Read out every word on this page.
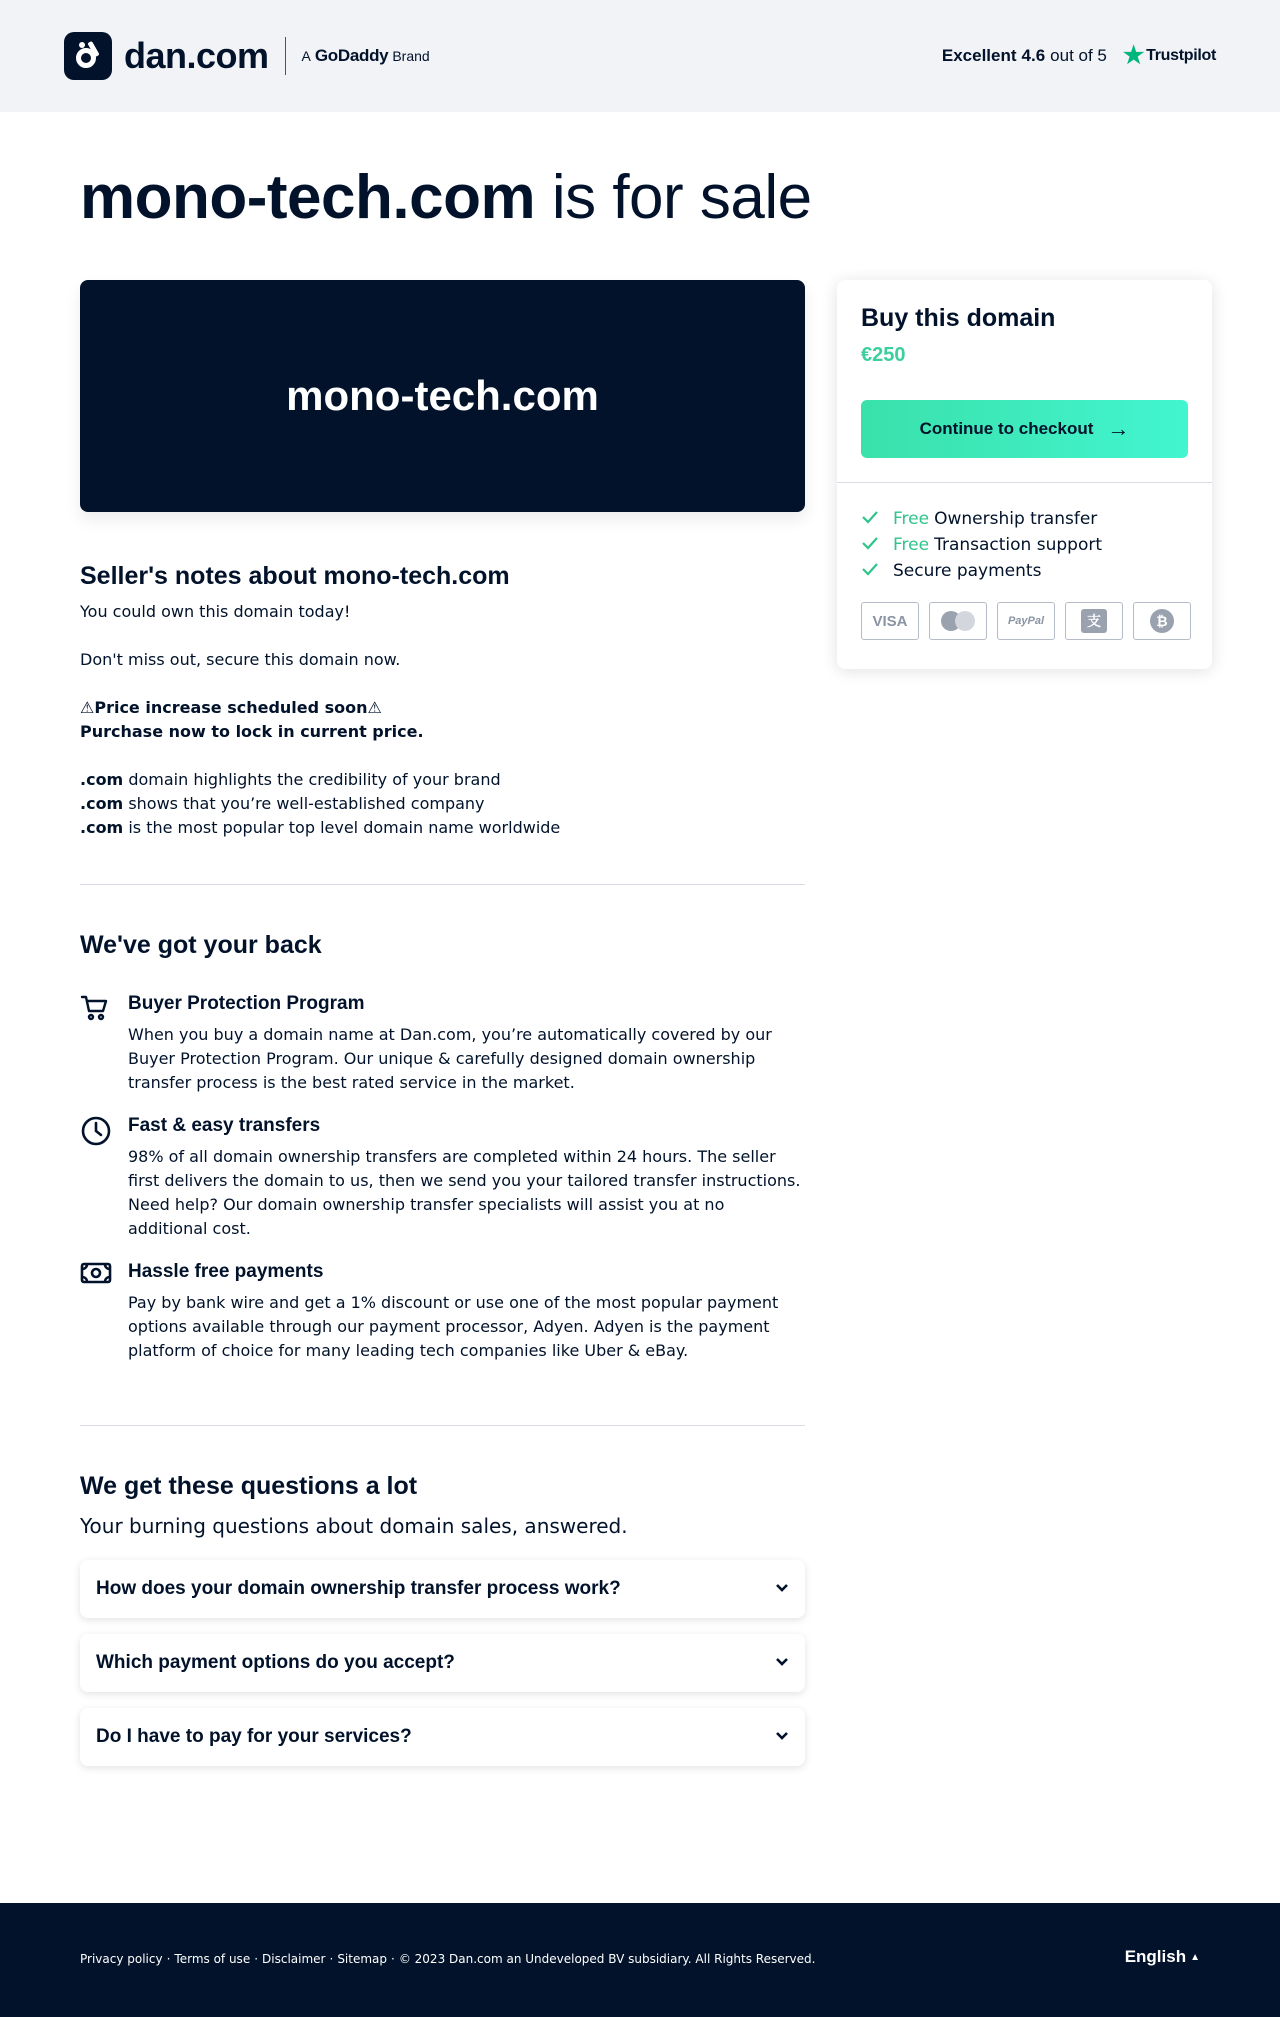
dan.com A GoDaddy Brand	Excellent 4.6 out of 5 ★ Trustpilot
mono-tech.com is for sale
mono-tech.com
Seller's notes about mono-tech.com

You could own this domain today!

Don't miss out, secure this domain now.

⚠Price increase scheduled soon⚠

Purchase now to lock in current price.

.com domain highlights the credibility of your brand

.com shows that you’re well-established company

.com is the most popular top level domain name worldwide

We've got your back
Buyer Protection Program
When you buy a domain name at Dan.com, you’re automatically covered by our Buyer Protection Program. Our unique & carefully designed domain ownership transfer process is the best rated service in the market.
Fast & easy transfers
98% of all domain ownership transfers are completed within 24 hours. The seller first delivers the domain to us, then we send you your tailored transfer instructions. Need help? Our domain ownership transfer specialists will assist you at no additional cost.
Hassle free payments
Pay by bank wire and get a 1% discount or use one of the most popular payment options available through our payment processor, Adyen. Adyen is the payment platform of choice for many leading tech companies like Uber & eBay.
We get these questions a lot

Your burning questions about domain sales, answered.

How does your domain ownership transfer process work?
Which payment options do you accept?
Do I have to pay for your services?
Buy this domain
€250
Continue to checkout →
Free Ownership transfer
Free Transaction support
Secure payments
VISA	PayPal	支	₿
Privacy policy · Terms of use · Disclaimer · Sitemap · © 2023 Dan.com an Undeveloped BV subsidiary. All Rights Reserved.	English ▲
